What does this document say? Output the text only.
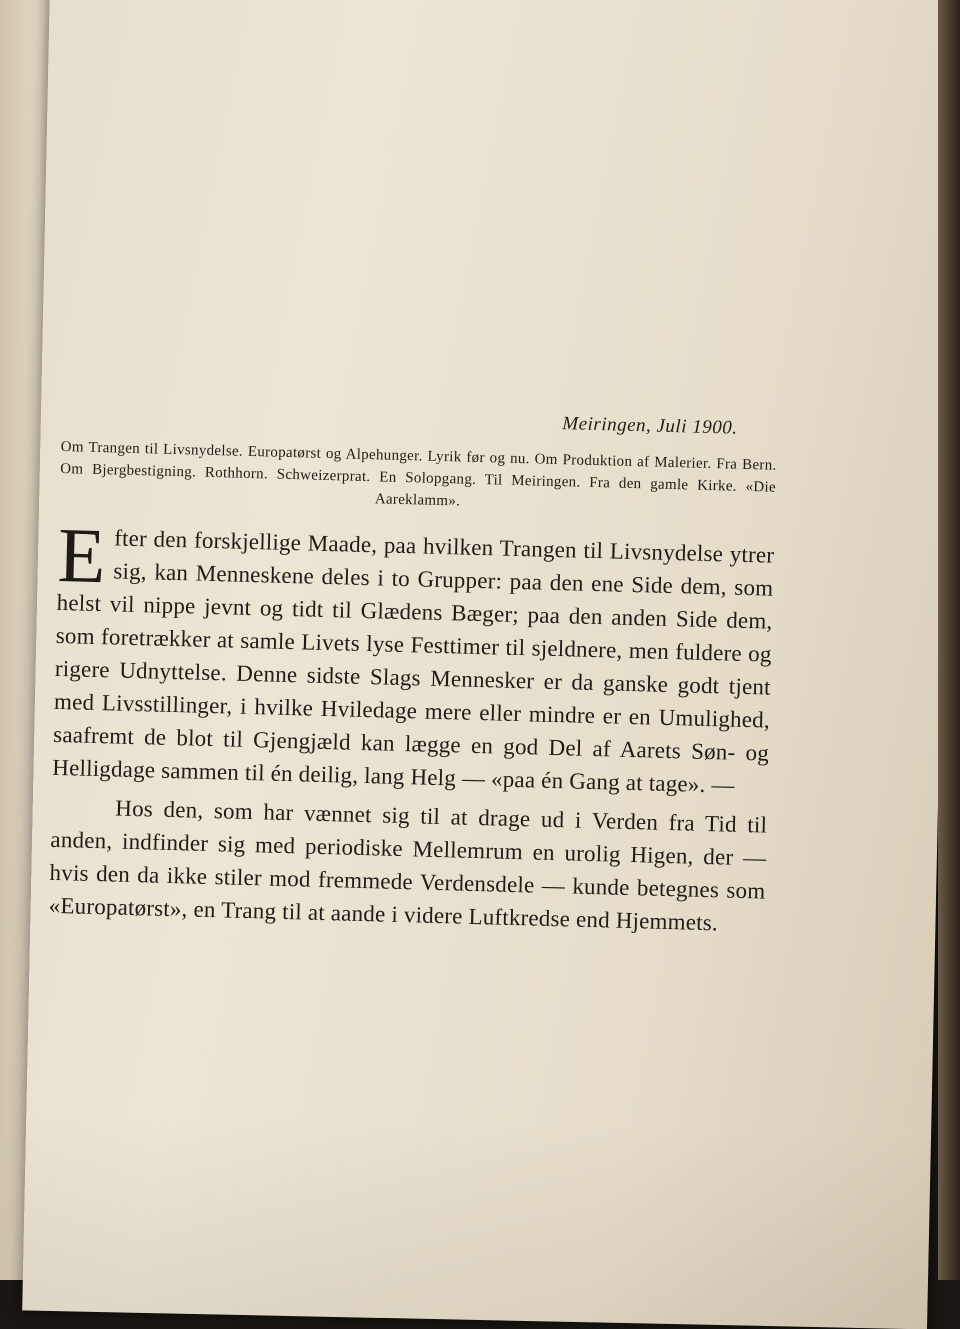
Meiringen, Juli 1900.
Om Trangen til Livsnydelse. Europatørst og Alpehunger. Lyrik før og nu. Om Produktion af Malerier. Fra Bern. Om Bjergbestigning. Rothhorn. Schweizerprat. En Solopgang. Til Meiringen. Fra den gamle Kirke. «Die Aareklamm».

Efter den forskjellige Maade, paa hvilken Trangen til Livsnydelse ytrer sig, kan Menneskene deles i to Grupper: paa den ene Side dem, som helst vil nippe jevnt og tidt til Glædens Bæger; paa den anden Side dem, som foretrækker at samle Livets lyse Festtimer til sjeldnere, men fuldere og rigere Udnyttelse. Denne sidste Slags Mennesker er da ganske godt tjent med Livsstillinger, i hvilke Hviledage mere eller mindre er en Umulighed, saafremt de blot til Gjengjæld kan lægge en god Del af Aarets Søn- og Helligdage sammen til én deilig, lang Helg — «paa én Gang at tage». —

Hos den, som har vænnet sig til at drage ud i Verden fra Tid til anden, indfinder sig med periodiske Mellemrum en urolig Higen, der — hvis den da ikke stiler mod fremmede Verdensdele — kunde betegnes som «Europatørst», en Trang til at aande i videre Luftkredse end Hjemmets.
